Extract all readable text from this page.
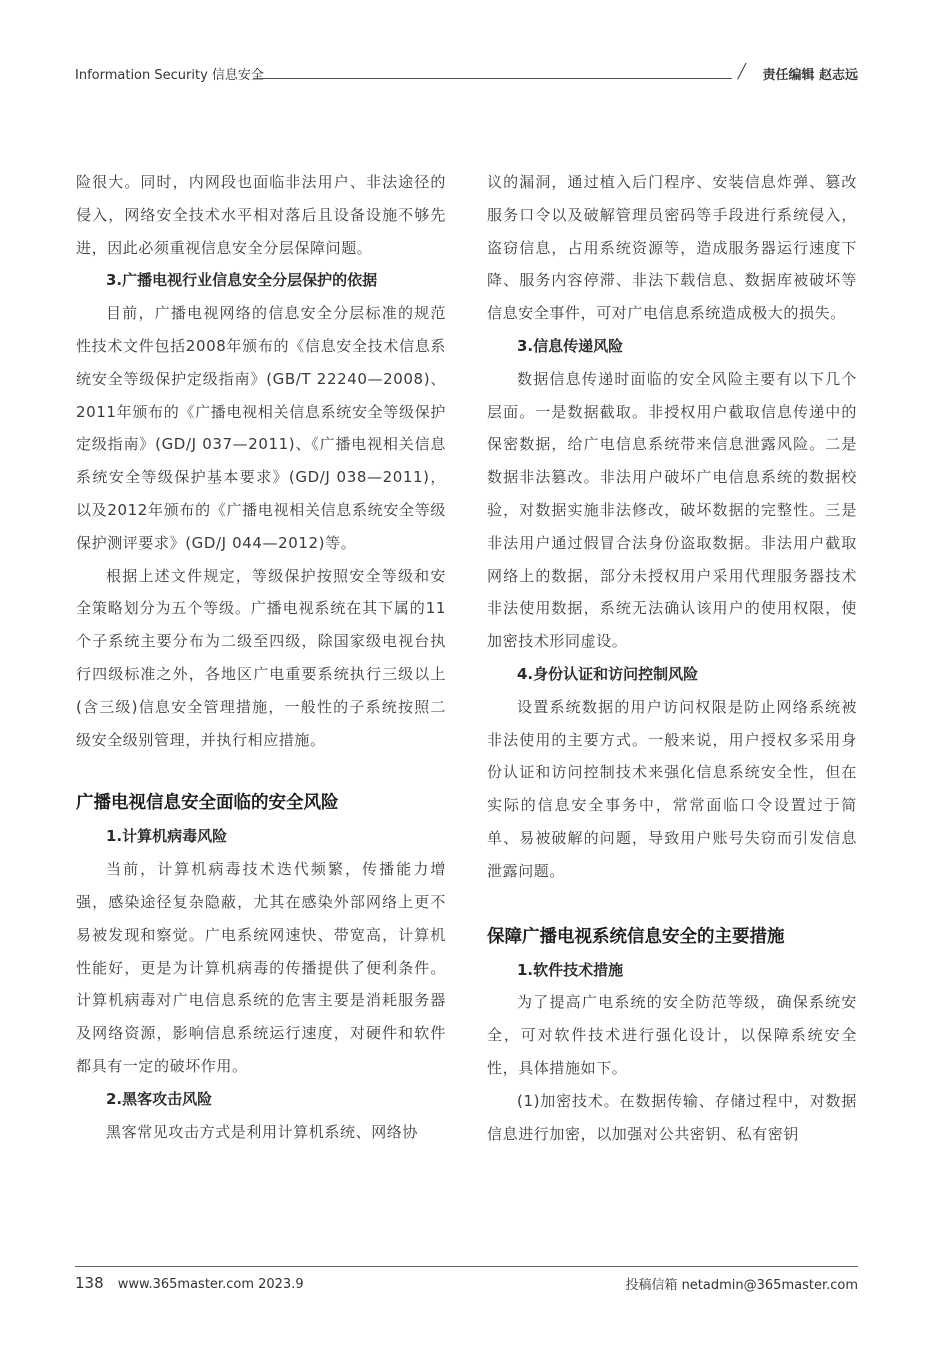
Information Security 信息安全	╱ 责任编辑 赵志远

险很大。同时，内网段也面临非法用户、非法途径的侵入，网络安全技术水平相对落后且设备设施不够先进，因此必须重视信息安全分层保障问题。

3.广播电视行业信息安全分层保护的依据

目前，广播电视网络的信息安全分层标准的规范性技术文件包括2008年颁布的《信息安全技术信息系统安全等级保护定级指南》(GB/T 22240—2008)、2011年颁布的《广播电视相关信息系统安全等级保护定级指南》(GD/J 037—2011)、《广播电视相关信息系统安全等级保护基本要求》(GD/J 038—2011)，以及2012年颁布的《广播电视相关信息系统安全等级保护测评要求》(GD/J 044—2012)等。

根据上述文件规定，等级保护按照安全等级和安全策略划分为五个等级。广播电视系统在其下属的11个子系统主要分布为二级至四级，除国家级电视台执行四级标准之外，各地区广电重要系统执行三级以上(含三级)信息安全管理措施，一般性的子系统按照二级安全级别管理，并执行相应措施。

广播电视信息安全面临的安全风险

1.计算机病毒风险

当前，计算机病毒技术迭代频繁，传播能力增强，感染途径复杂隐蔽，尤其在感染外部网络上更不易被发现和察觉。广电系统网速快、带宽高，计算机性能好，更是为计算机病毒的传播提供了便利条件。计算机病毒对广电信息系统的危害主要是消耗服务器及网络资源，影响信息系统运行速度，对硬件和软件都具有一定的破坏作用。

2.黑客攻击风险

黑客常见攻击方式是利用计算机系统、网络协

议的漏洞，通过植入后门程序、安装信息炸弹、篡改服务口令以及破解管理员密码等手段进行系统侵入，盗窃信息，占用系统资源等，造成服务器运行速度下降、服务内容停滞、非法下载信息、数据库被破坏等信息安全事件，可对广电信息系统造成极大的损失。

3.信息传递风险

数据信息传递时面临的安全风险主要有以下几个层面。一是数据截取。非授权用户截取信息传递中的保密数据，给广电信息系统带来信息泄露风险。二是数据非法篡改。非法用户破坏广电信息系统的数据校验，对数据实施非法修改，破坏数据的完整性。三是非法用户通过假冒合法身份盗取数据。非法用户截取网络上的数据，部分未授权用户采用代理服务器技术非法使用数据，系统无法确认该用户的使用权限，使加密技术形同虚设。

4.身份认证和访问控制风险

设置系统数据的用户访问权限是防止网络系统被非法使用的主要方式。一般来说，用户授权多采用身份认证和访问控制技术来强化信息系统安全性，但在实际的信息安全事务中，常常面临口令设置过于简单、易被破解的问题，导致用户账号失窃而引发信息泄露问题。

保障广播电视系统信息安全的主要措施

1.软件技术措施

为了提高广电系统的安全防范等级，确保系统安全，可对软件技术进行强化设计，以保障系统安全性，具体措施如下。

(1)加密技术。在数据传输、存储过程中，对数据信息进行加密，以加强对公共密钥、私有密钥

138 www.365master.com 2023.9	投稿信箱 netadmin@365master.com
